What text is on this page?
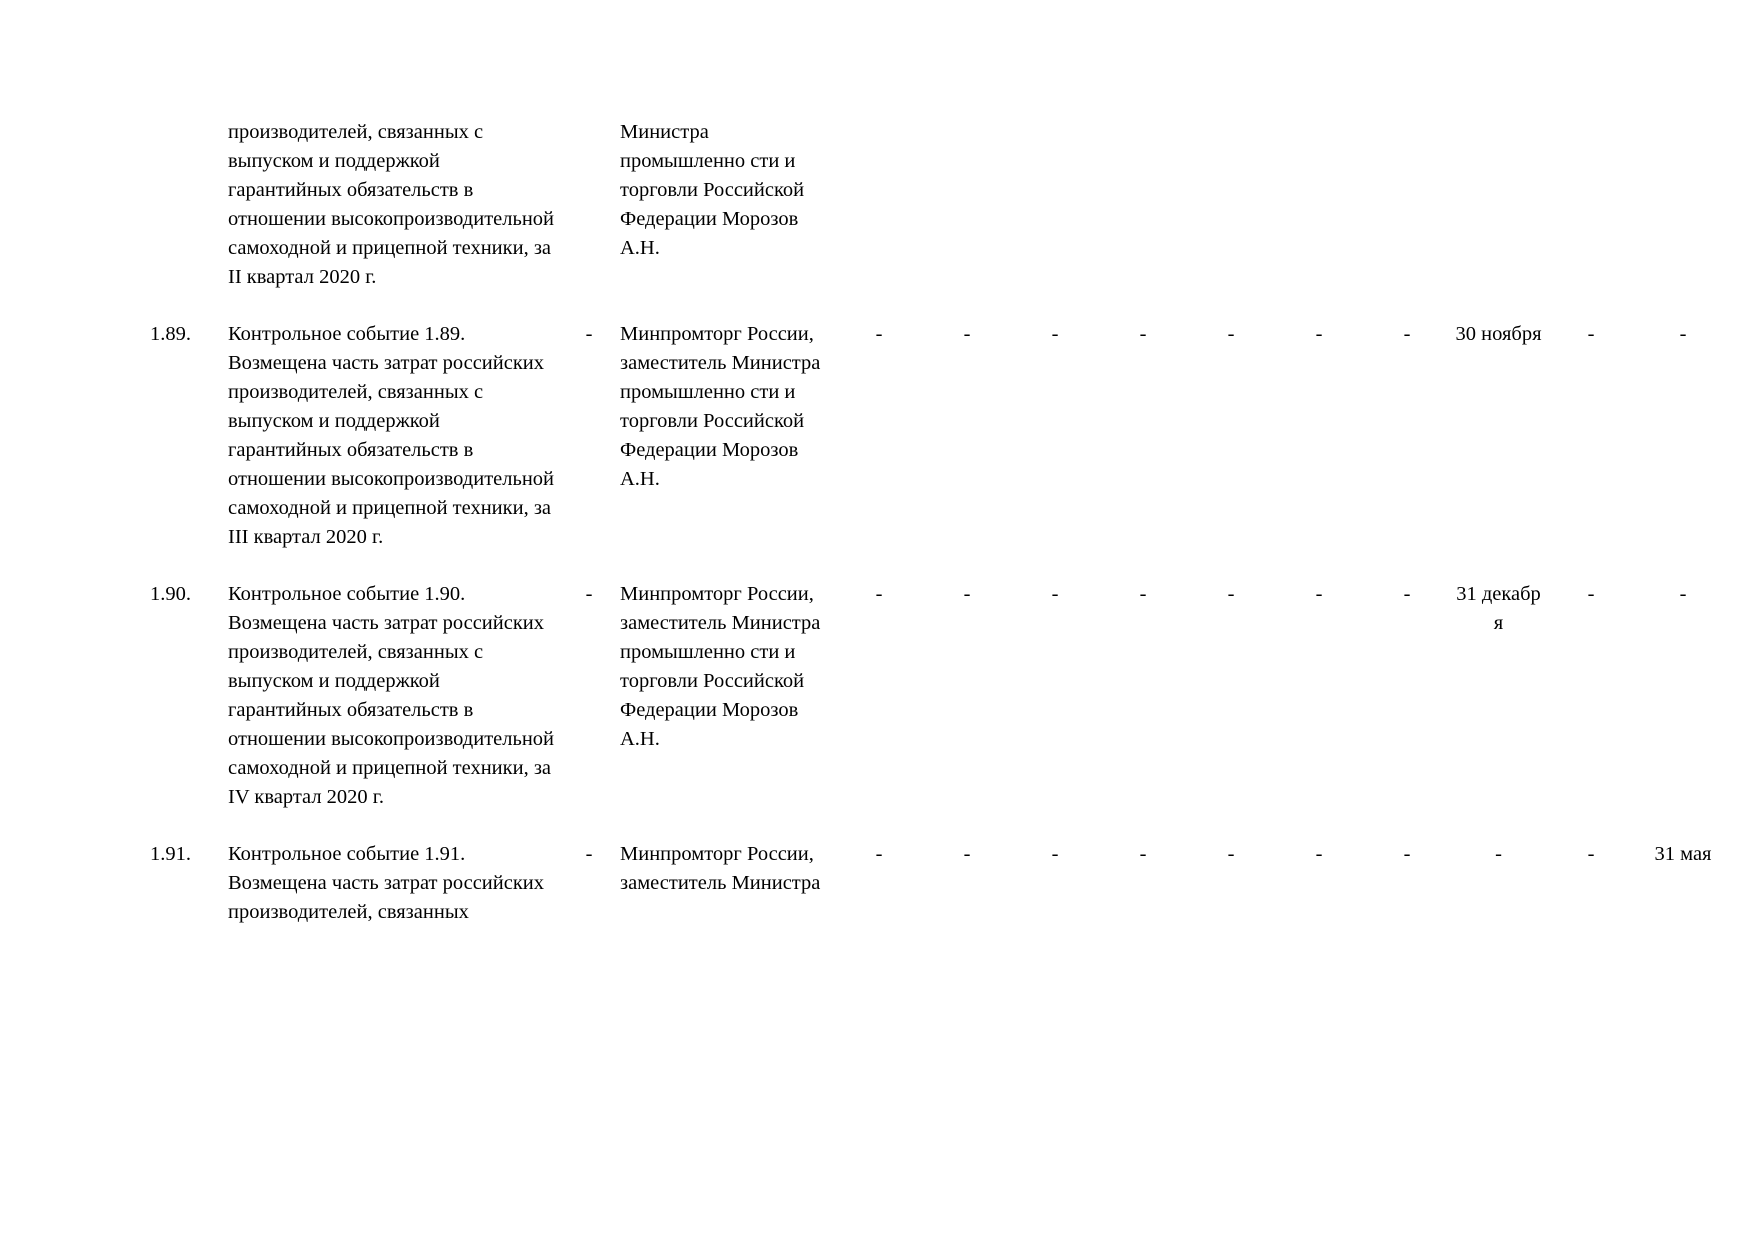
	производителей, связанных с выпуском и поддержкой гарантийных обязательств в отношении высокопроизводительной самоходной и прицепной техники, за II квартал 2020 г.		Министра промышленно сти и торговли Российской Федерации Морозов А.Н.										

1.89.	Контрольное событие 1.89. Возмещена часть затрат российских производителей, связанных с выпуском и поддержкой гарантийных обязательств в отношении высокопроизводительной самоходной и прицепной техники, за III квартал 2020 г.	-	Минпромторг России, заместитель Министра промышленно сти и торговли Российской Федерации Морозов А.Н.	-	-	-	-	-	-	-	30 ноября	-	-

1.90.	Контрольное событие 1.90. Возмещена часть затрат российских производителей, связанных с выпуском и поддержкой гарантийных обязательств в отношении высокопроизводительной самоходной и прицепной техники, за IV квартал 2020 г.	-	Минпромторг России, заместитель Министра промышленно сти и торговли Российской Федерации Морозов А.Н.	-	-	-	-	-	-	-	31 декабр я	-	-

1.91.	Контрольное событие 1.91. Возмещена часть затрат российских производителей, связанных	-	Минпромторг России, заместитель Министра	-	-	-	-	-	-	-	-	-	31 мая
